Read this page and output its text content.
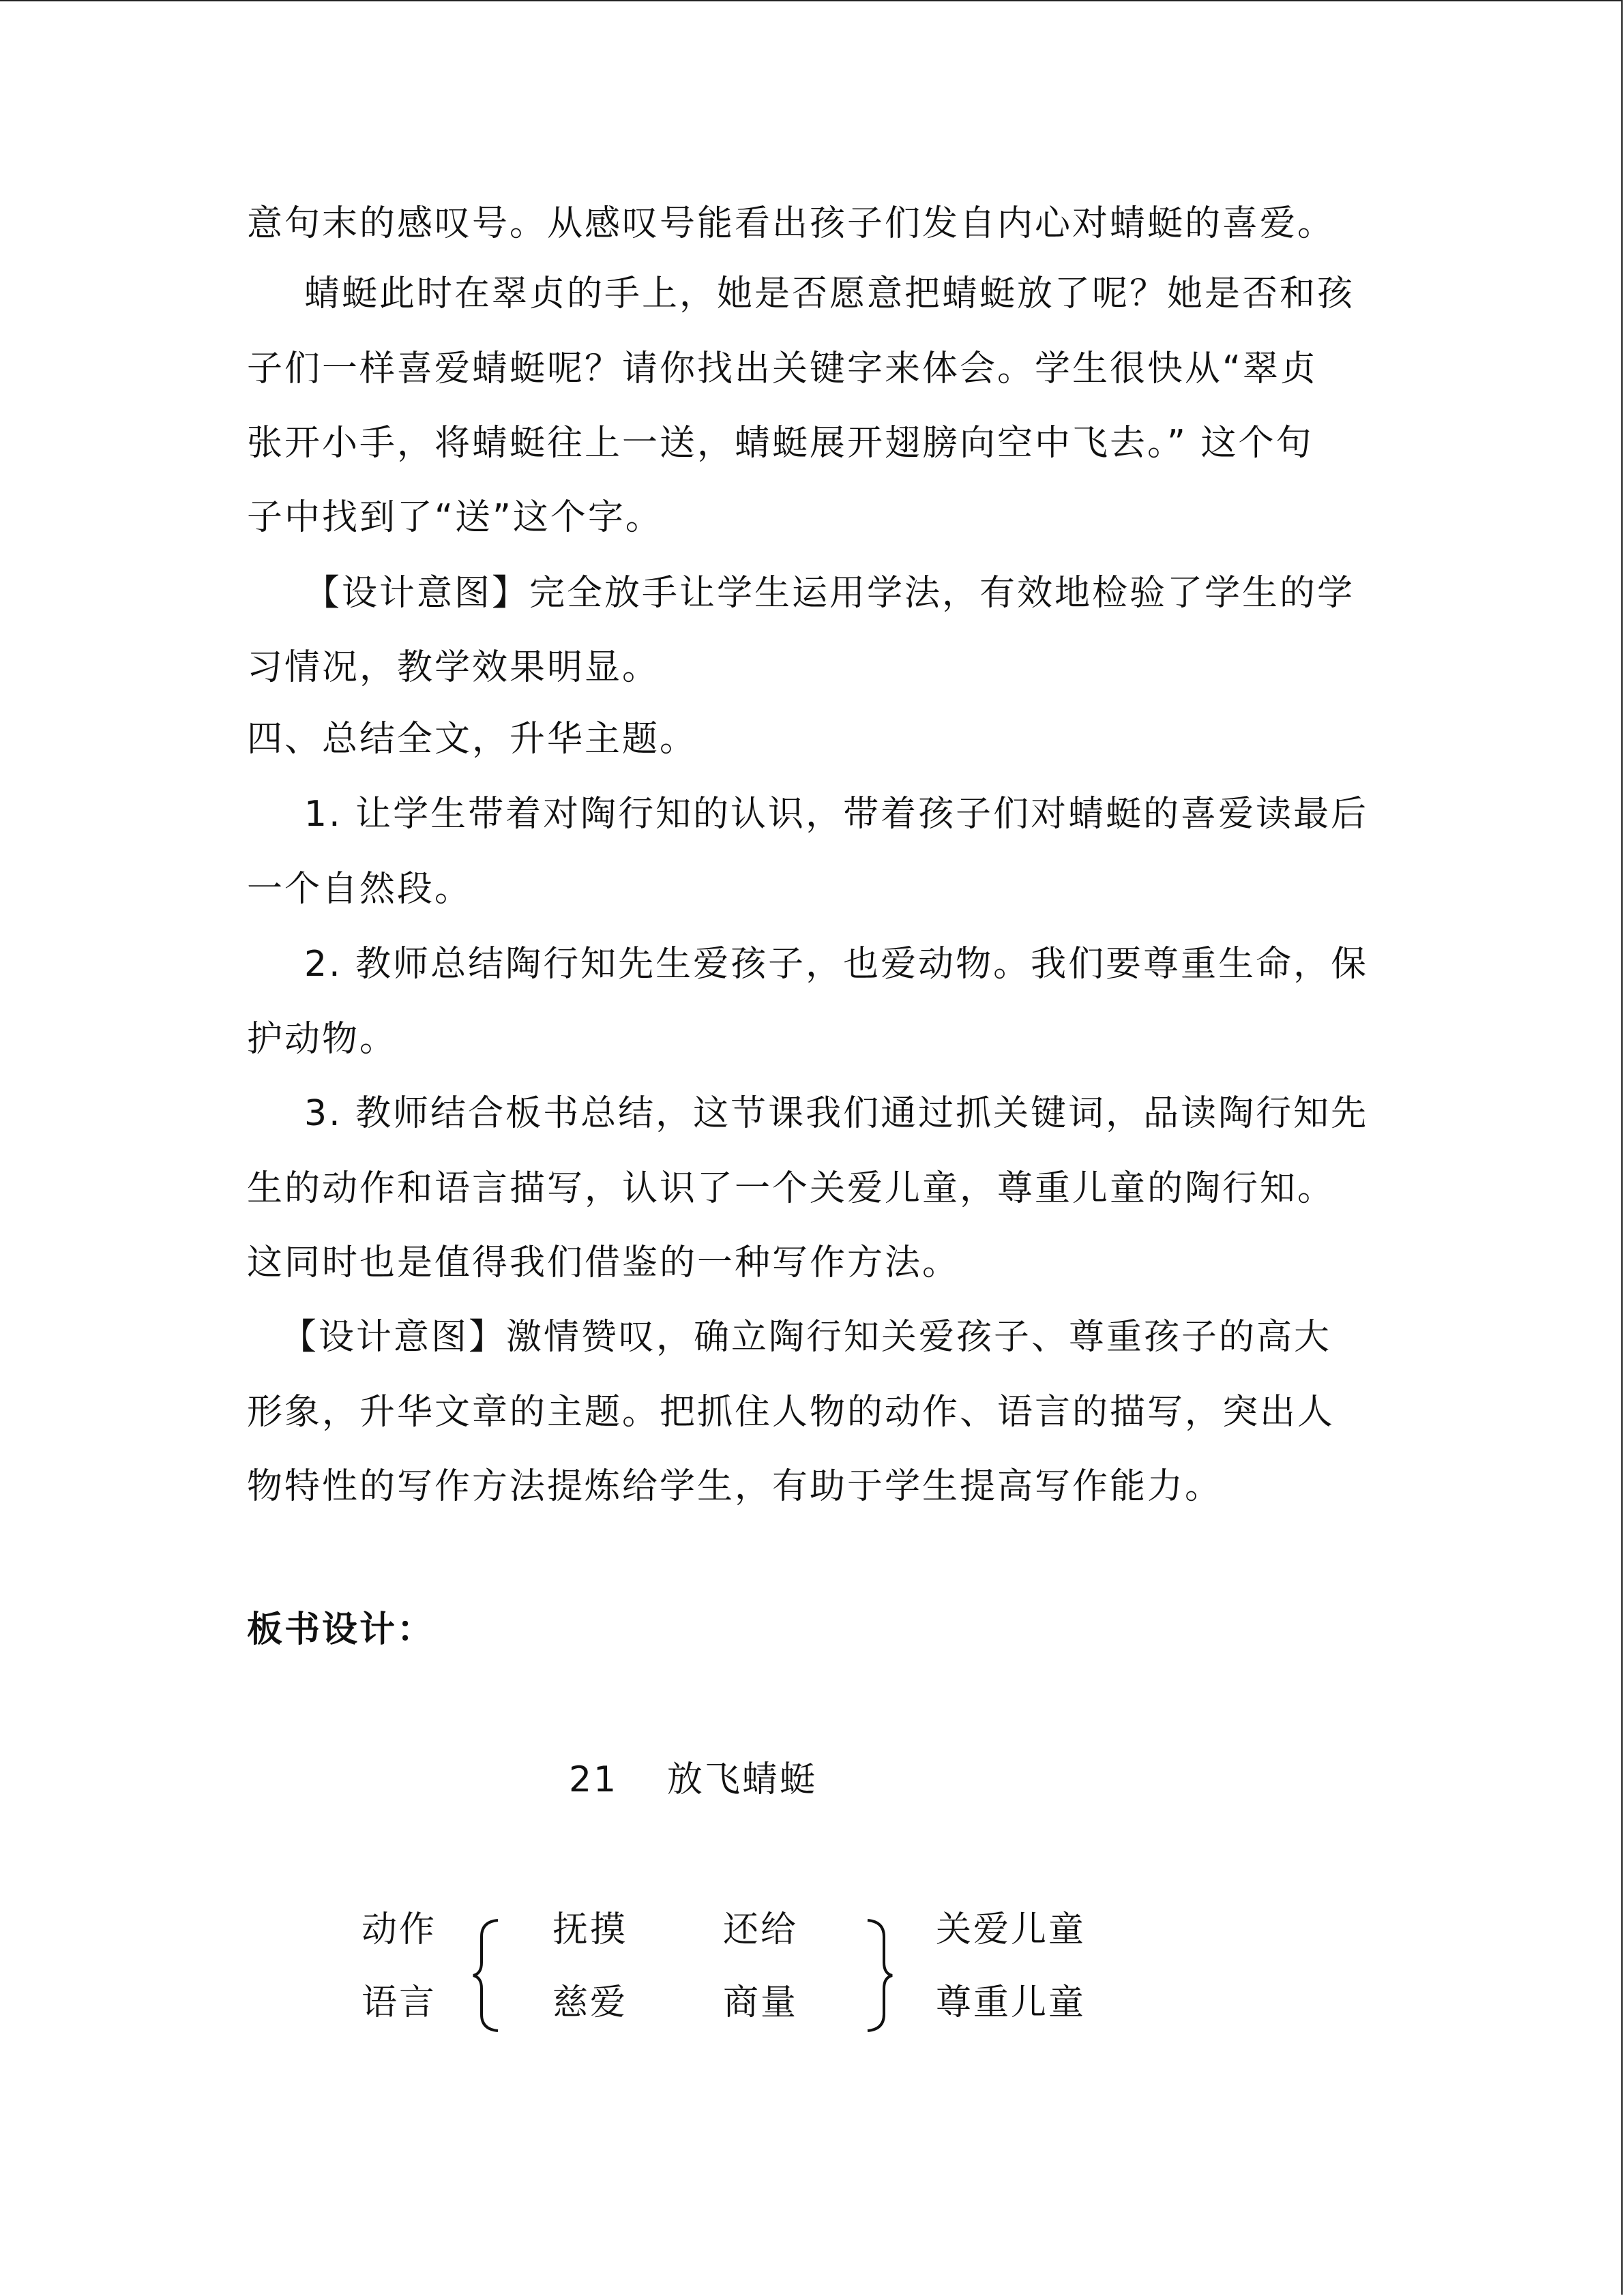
意句末的感叹号。从感叹号能看出孩子们发自内心对蜻蜓的喜爱。
蜻蜓此时在翠贞的手上，她是否愿意把蜻蜓放了呢？她是否和孩
子们一样喜爱蜻蜓呢？请你找出关键字来体会。学生很快从“翠贞
张开小手，将蜻蜓往上一送，蜻蜓展开翅膀向空中飞去。” 这个句
子中找到了“送”这个字。
【设计意图】完全放手让学生运用学法，有效地检验了学生的学
习情况，教学效果明显。
四、总结全文，升华主题。
1. 让学生带着对陶行知的认识，带着孩子们对蜻蜓的喜爱读最后
一个自然段。
2. 教师总结陶行知先生爱孩子，也爱动物。我们要尊重生命，保
护动物。
3. 教师结合板书总结，这节课我们通过抓关键词，品读陶行知先
生的动作和语言描写，认识了一个关爱儿童，尊重儿童的陶行知。
这同时也是值得我们借鉴的一种写作方法。
【设计意图】激情赞叹，确立陶行知关爱孩子、尊重孩子的高大
形象，升华文章的主题。把抓住人物的动作、语言的描写，突出人
物特性的写作方法提炼给学生，有助于学生提高写作能力。
板书设计：
21 放飞蜻蜓
动作
语言
抚摸	还给
慈爱	商量
关爱儿童
尊重儿童
